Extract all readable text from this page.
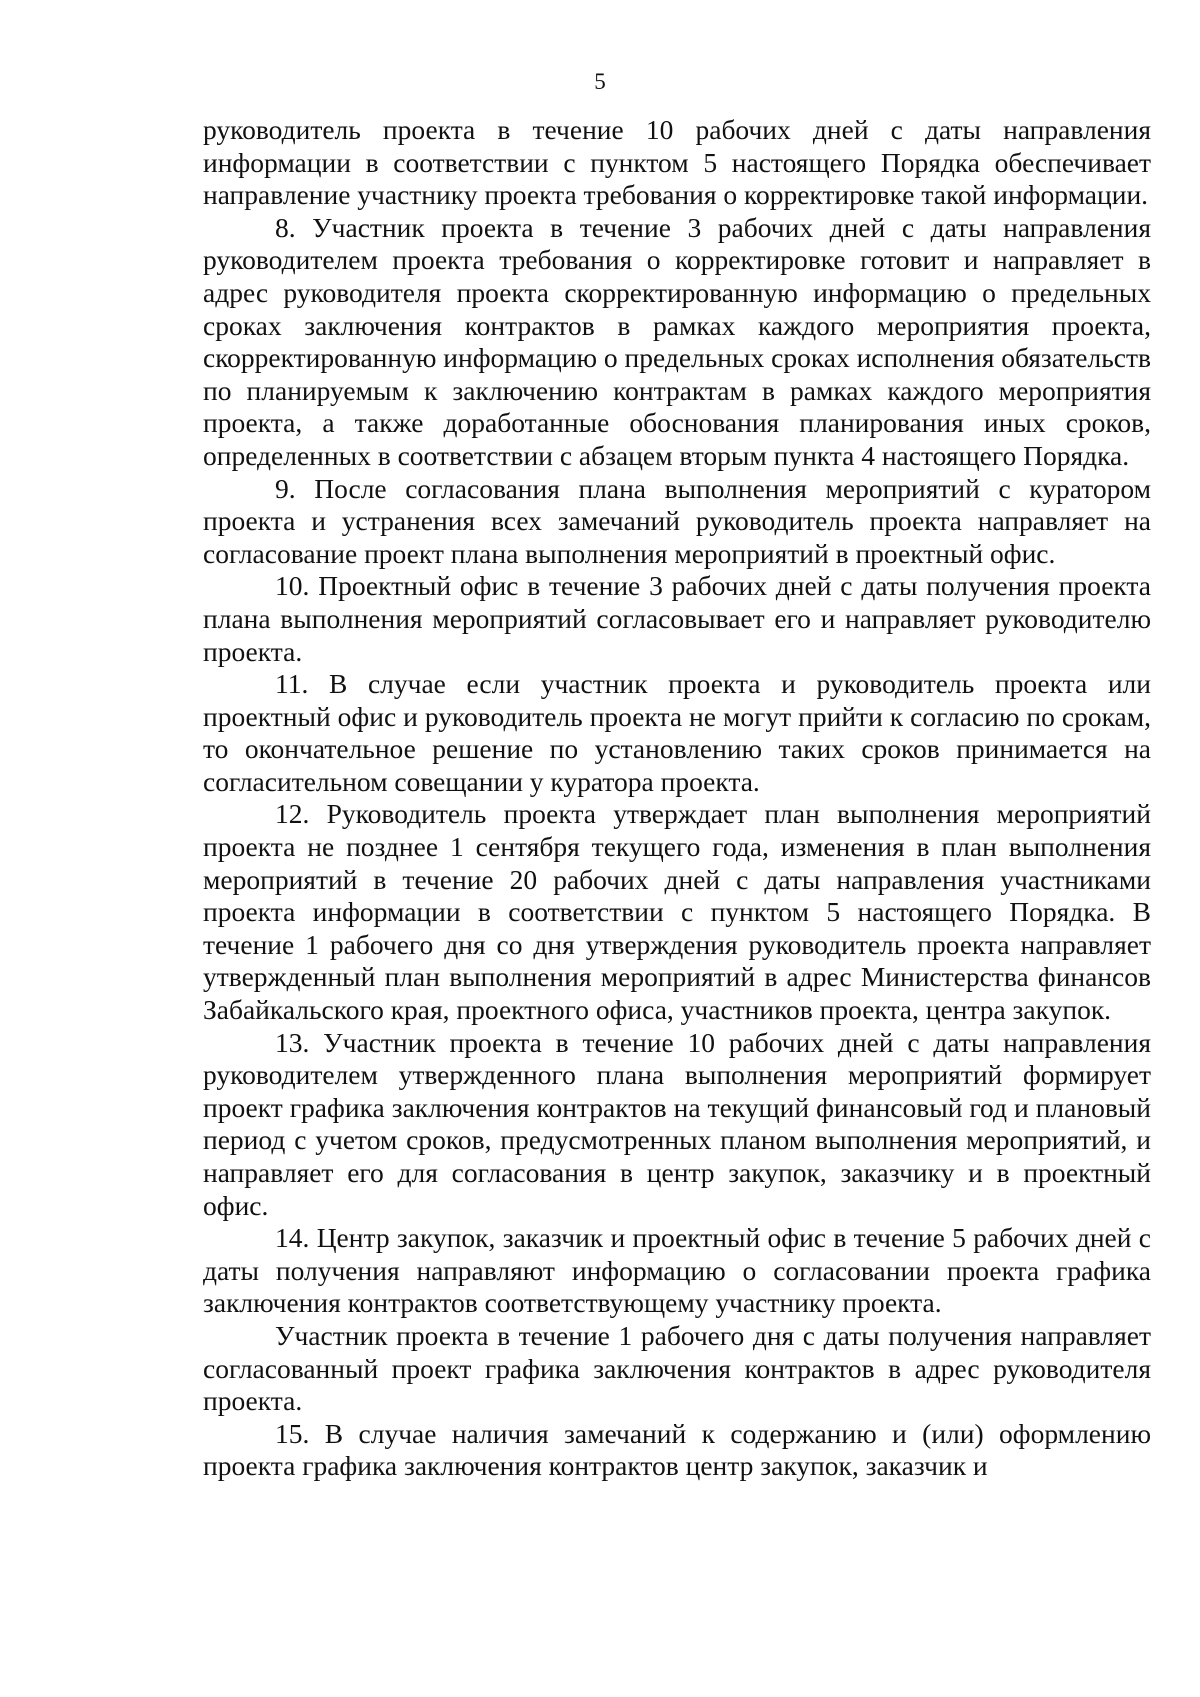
5

руководитель проекта в течение 10 рабочих дней с даты направления информации в соответствии с пунктом 5 настоящего Порядка обеспечивает направление участнику проекта требования о корректировке такой информации.

8. Участник проекта в течение 3 рабочих дней с даты направления руководителем проекта требования о корректировке готовит и направляет в адрес руководителя проекта скорректированную информацию о предельных сроках заключения контрактов в рамках каждого мероприятия проекта, скорректированную информацию о предельных сроках исполнения обязательств по планируемым к заключению контрактам в рамках каждого мероприятия проекта, а также доработанные обоснования планирования иных сроков, определенных в соответствии с абзацем вторым пункта 4 настоящего Порядка.

9. После согласования плана выполнения мероприятий с куратором проекта и устранения всех замечаний руководитель проекта направляет на согласование проект плана выполнения мероприятий в проектный офис.

10. Проектный офис в течение 3 рабочих дней с даты получения проекта плана выполнения мероприятий согласовывает его и направляет руководителю проекта.

11. В случае если участник проекта и руководитель проекта или проектный офис и руководитель проекта не могут прийти к согласию по срокам, то окончательное решение по установлению таких сроков принимается на согласительном совещании у куратора проекта.

12. Руководитель проекта утверждает план выполнения мероприятий проекта не позднее 1 сентября текущего года, изменения в план выполнения мероприятий в течение 20 рабочих дней с даты направления участниками проекта информации в соответствии с пунктом 5 настоящего Порядка. В течение 1 рабочего дня со дня утверждения руководитель проекта направляет утвержденный план выполнения мероприятий в адрес Министерства финансов Забайкальского края, проектного офиса, участников проекта, центра закупок.

13. Участник проекта в течение 10 рабочих дней с даты направления руководителем утвержденного плана выполнения мероприятий формирует проект графика заключения контрактов на текущий финансовый год и плановый период с учетом сроков, предусмотренных планом выполнения мероприятий, и направляет его для согласования в центр закупок, заказчику и в проектный офис.

14. Центр закупок, заказчик и проектный офис в течение 5 рабочих дней с даты получения направляют информацию о согласовании проекта графика заключения контрактов соответствующему участнику проекта.

Участник проекта в течение 1 рабочего дня с даты получения направляет согласованный проект графика заключения контрактов в адрес руководителя проекта.

15. В случае наличия замечаний к содержанию и (или) оформлению проекта графика заключения контрактов центр закупок, заказчик и
